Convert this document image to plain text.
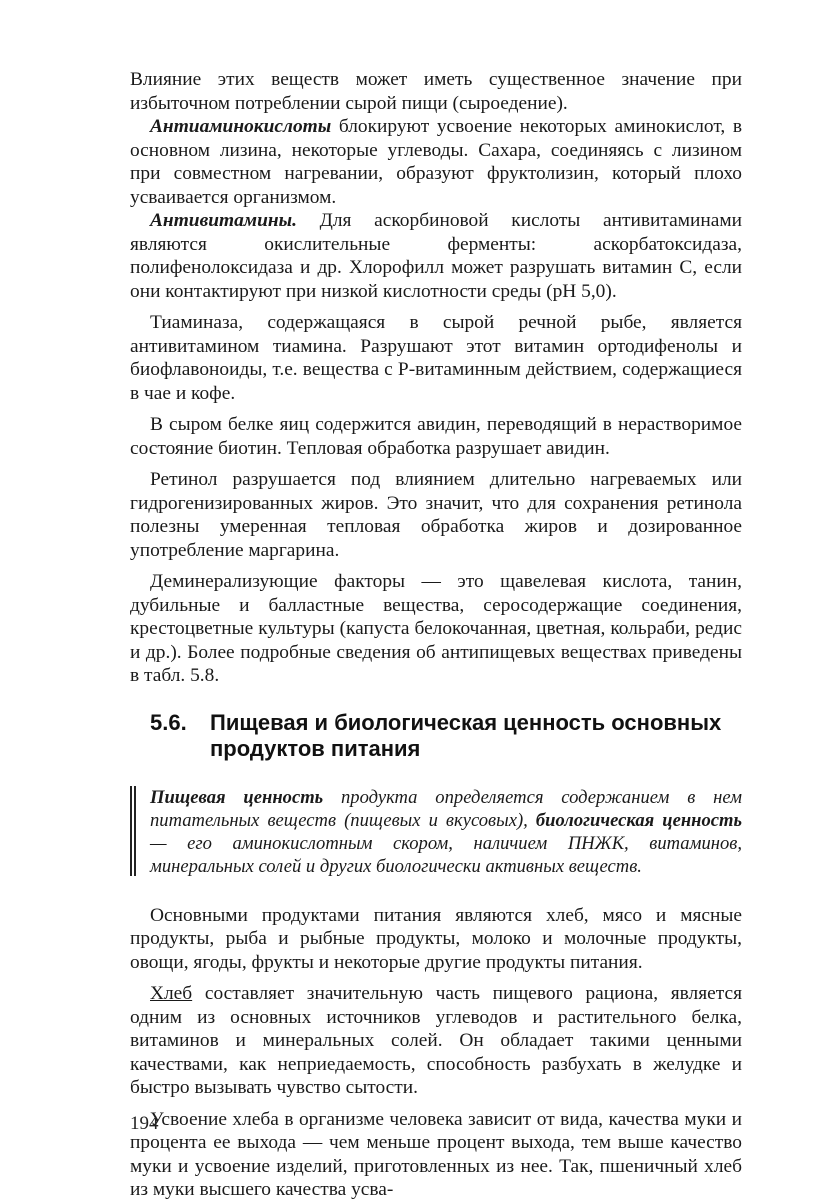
Влияние этих веществ может иметь существенное значение при избыточном потреблении сырой пищи (сыроедение).

Антиаминокислоты блокируют усвоение некоторых аминокислот, в основном лизина, некоторые углеводы. Сахара, соединяясь с лизином при совместном нагревании, образуют фруктолизин, который плохо усваивается организмом.

Антивитамины. Для аскорбиновой кислоты антивитаминами являются окислительные ферменты: аскорбатоксидаза, полифенолоксидаза и др. Хлорофилл может разрушать витамин С, если они контактируют при низкой кислотности среды (рН 5,0).

Тиаминаза, содержащаяся в сырой речной рыбе, является антивитамином тиамина. Разрушают этот витамин ортодифенолы и биофлавоноиды, т.е. вещества с Р-витаминным действием, содержащиеся в чае и кофе.

В сыром белке яиц содержится авидин, переводящий в нерастворимое состояние биотин. Тепловая обработка разрушает авидин.

Ретинол разрушается под влиянием длительно нагреваемых или гидрогенизированных жиров. Это значит, что для сохранения ретинола полезны умеренная тепловая обработка жиров и дозированное употребление маргарина.

Деминерализующие факторы — это щавелевая кислота, танин, дубильные и балластные вещества, серосодержащие соединения, крестоцветные культуры (капуста белокочанная, цветная, кольраби, редис и др.). Более подробные сведения об антипищевых веществах приведены в табл. 5.8.

5.6.	Пищевая и биологическая ценность основных продуктов питания

Пищевая ценность продукта определяется содержанием в нем питательных веществ (пищевых и вкусовых), биологическая ценность — его аминокислотным скором, наличием ПНЖК, витаминов, минеральных солей и других биологически активных веществ.

Основными продуктами питания являются хлеб, мясо и мясные продукты, рыба и рыбные продукты, молоко и молочные продукты, овощи, ягоды, фрукты и некоторые другие продукты питания.

Хлеб составляет значительную часть пищевого рациона, является одним из основных источников углеводов и растительного белка, витаминов и минеральных солей. Он обладает такими ценными качествами, как неприедаемость, способность разбухать в желудке и быстро вызывать чувство сытости.

Усвоение хлеба в организме человека зависит от вида, качества муки и процента ее выхода — чем меньше процент выхода, тем выше качество муки и усвоение изделий, приготовленных из нее. Так, пшеничный хлеб из муки высшего качества усва-

194
